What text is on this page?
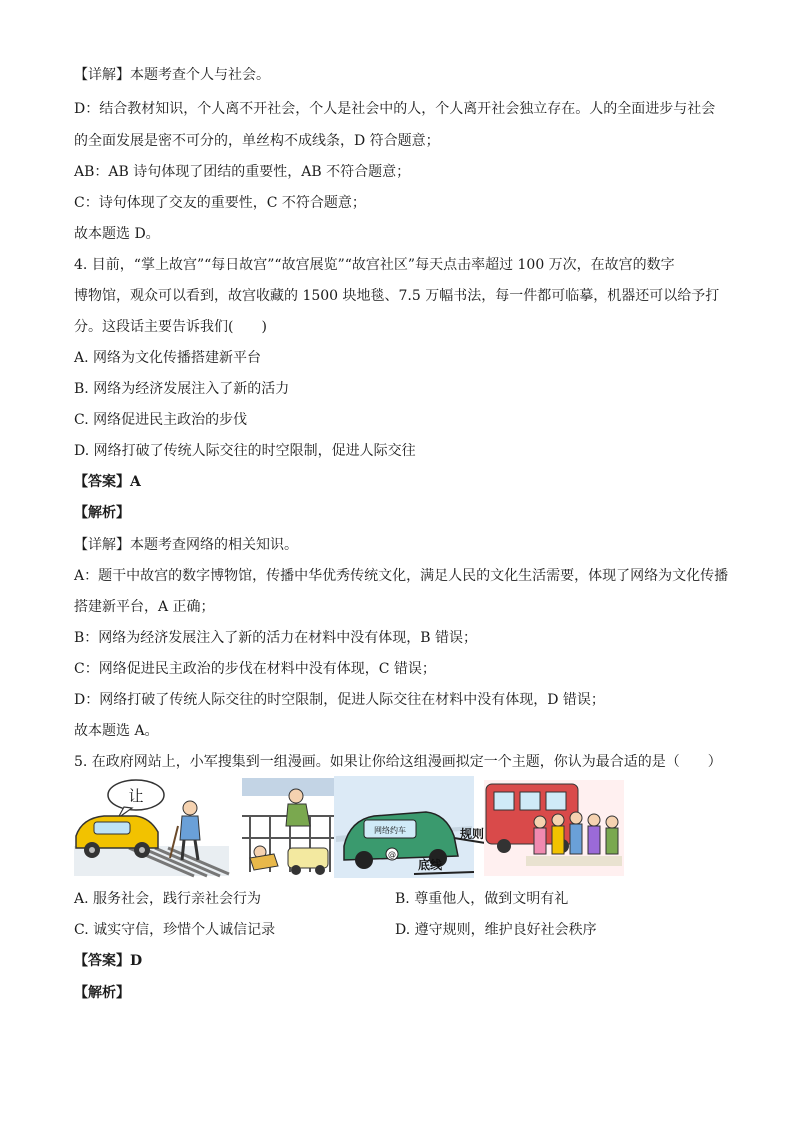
【详解】本题考查个人与社会。
D：结合教材知识，个人离不开社会，个人是社会中的人，个人离开社会独立存在。人的全面进步与社会
的全面发展是密不可分的，单丝构不成线条，D 符合题意；
AB：AB 诗句体现了团结的重要性，AB 不符合题意；
C：诗句体现了交友的重要性，C 不符合题意；
故本题选 D。
4. 目前，“掌上故宫”“每日故宫”“故宫展览”“故宫社区”每天点击率超过 100 万次，在故宫的数字
博物馆，观众可以看到，故宫收藏的 1500 块地毯、7.5 万幅书法，每一件都可临摹，机器还可以给予打
分。这段话主要告诉我们(　　)
A. 网络为文化传播搭建新平台
B. 网络为经济发展注入了新的活力
C. 网络促进民主政治的步伐
D. 网络打破了传统人际交往的时空限制，促进人际交往
【答案】A
【解析】
【详解】本题考查网络的相关知识。
A：题干中故宫的数字博物馆，传播中华优秀传统文化，满足人民的文化生活需要，体现了网络为文化传播
搭建新平台，A 正确；
B：网络为经济发展注入了新的活力在材料中没有体现，B 错误；
C：网络促进民主政治的步伐在材料中没有体现，C 错误；
D：网络打破了传统人际交往的时空限制，促进人际交往在材料中没有体现，D 错误；
故本题选 A。
5. 在政府网站上，小军搜集到一组漫画。如果让你给这组漫画拟定一个主题，你认为最合适的是（　　）
让
网络约车
@
规则
底线
A. 服务社会，践行亲社会行为	B. 尊重他人，做到文明有礼
C. 诚实守信，珍惜个人诚信记录	D. 遵守规则，维护良好社会秩序
【答案】D
【解析】
